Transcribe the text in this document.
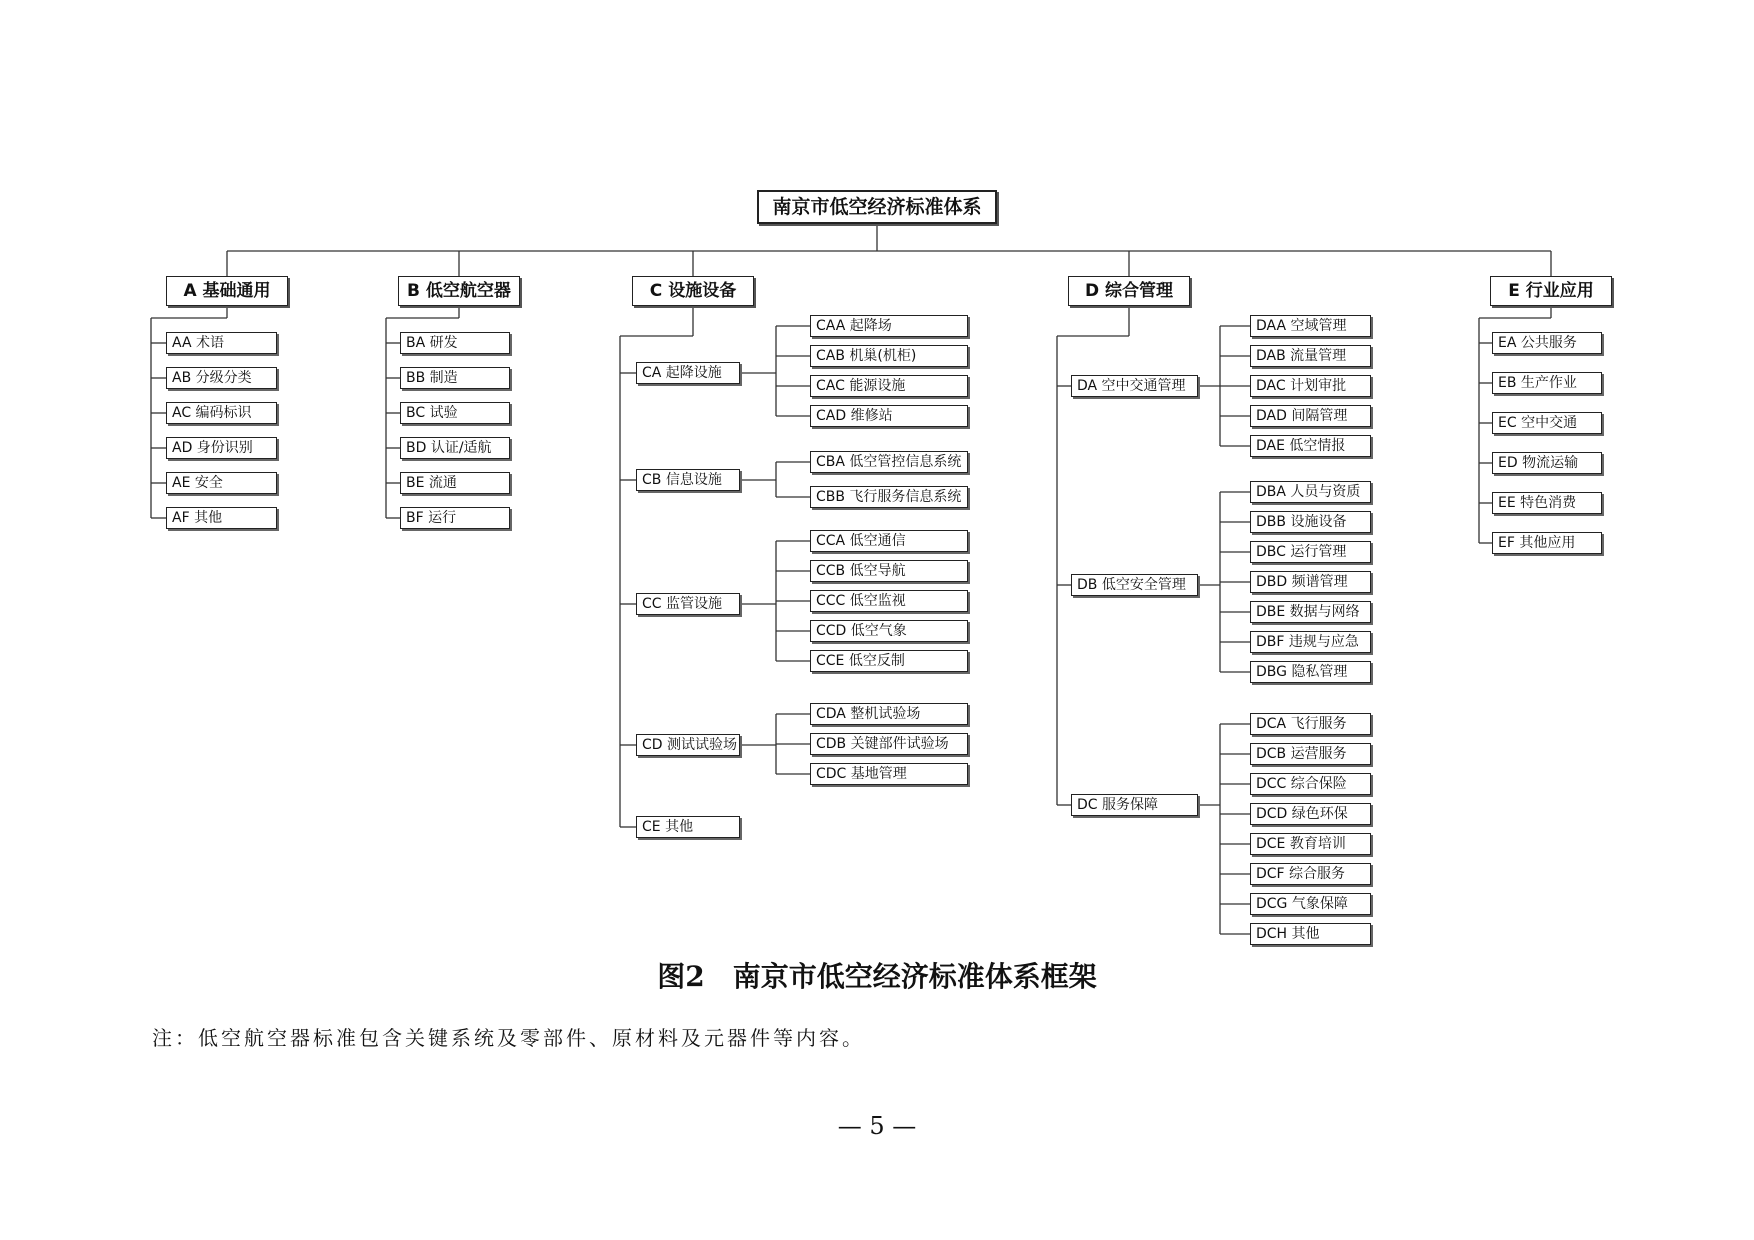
南京市低空经济标准体系
A 基础通用	B 低空航空器	C 设施设备	D 综合管理	E 行业应用
AA 术语
AB 分级分类
AC 编码标识
AD 身份识别
AE 安全
AF 其他
BA 研发
BB 制造
BC 试验
BD 认证/适航
BE 流通
BF 运行
EA 公共服务
EB 生产作业
EC 空中交通
ED 物流运输
EE 特色消费
EF 其他应用
CA 起降设施
CAA 起降场
CAB 机巢(机柜)
CAC 能源设施
CAD 维修站
CB 信息设施
CBA 低空管控信息系统
CBB 飞行服务信息系统
CC 监管设施
CCA 低空通信
CCB 低空导航
CCC 低空监视
CCD 低空气象
CCE 低空反制
CD 测试试验场
CDA 整机试验场
CDB 关键部件试验场
CDC 基地管理
CE 其他
DA 空中交通管理
DAA 空域管理
DAB 流量管理
DAC 计划审批
DAD 间隔管理
DAE 低空情报
DB 低空安全管理
DBA 人员与资质
DBB 设施设备
DBC 运行管理
DBD 频谱管理
DBE 数据与网络
DBF 违规与应急
DBG 隐私管理
DC 服务保障
DCA 飞行服务
DCB 运营服务
DCC 综合保险
DCD 绿色环保
DCE 教育培训
DCF 综合服务
DCG 气象保障
DCH 其他
图2　南京市低空经济标准体系框架
注：低空航空器标准包含关键系统及零部件、原材料及元器件等内容。
— 5 —
